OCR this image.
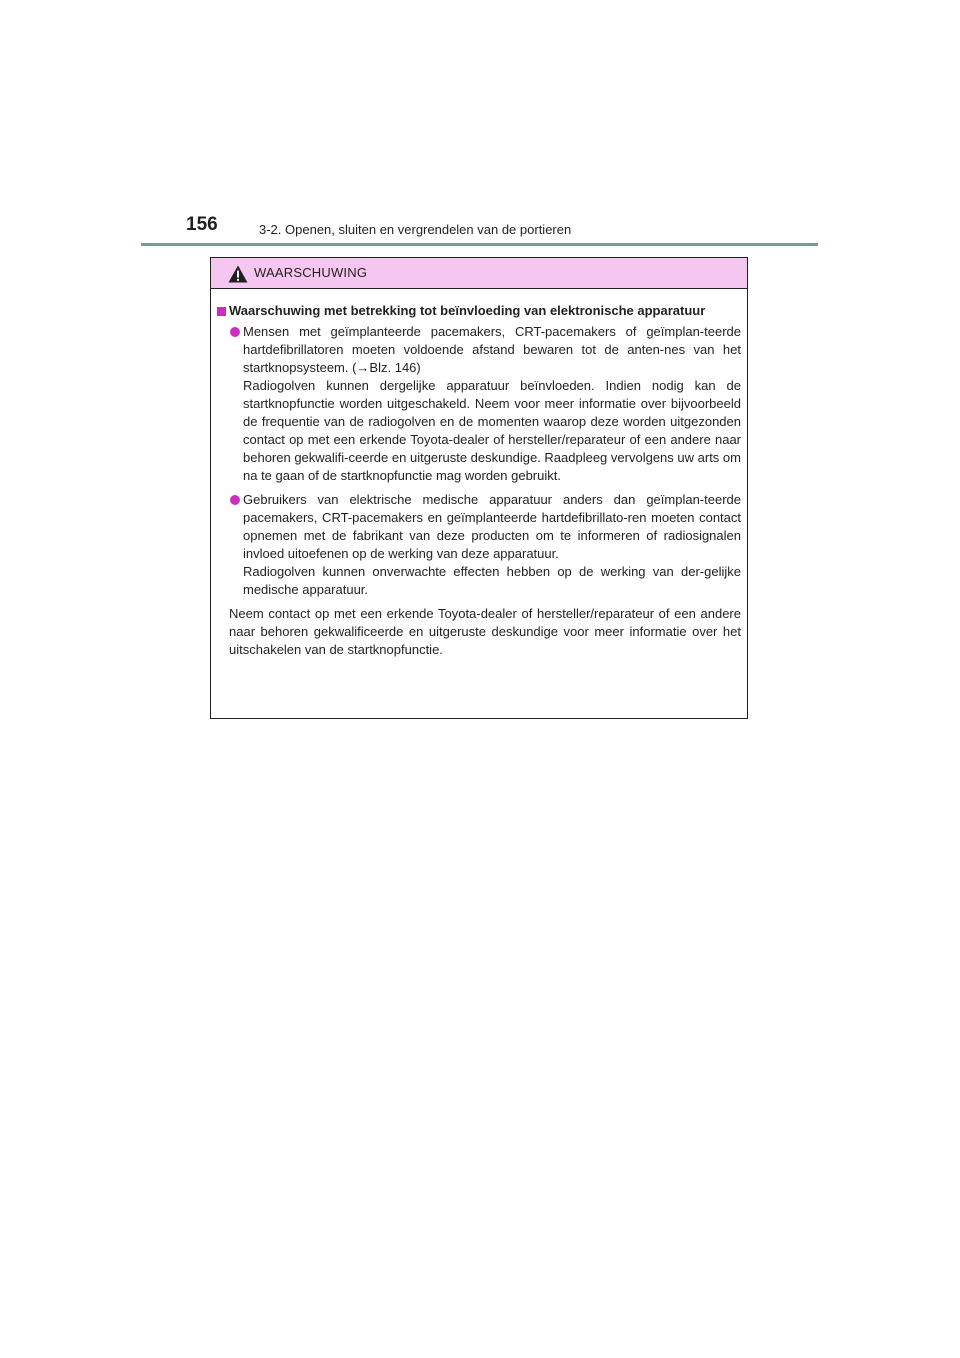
156	3-2. Openen, sluiten en vergrendelen van de portieren
WAARSCHUWING
Waarschuwing met betrekking tot beïnvloeding van elektronische apparatuur

Mensen met geïmplanteerde pacemakers, CRT-pacemakers of geïmplan-teerde hartdefibrillatoren moeten voldoende afstand bewaren tot de anten-nes van het startknopsysteem. (→Blz. 146)

Radiogolven kunnen dergelijke apparatuur beïnvloeden. Indien nodig kan de startknopfunctie worden uitgeschakeld. Neem voor meer informatie over bijvoorbeeld de frequentie van de radiogolven en de momenten waarop deze worden uitgezonden contact op met een erkende Toyota-dealer of hersteller/reparateur of een andere naar behoren gekwalifi-ceerde en uitgeruste deskundige. Raadpleeg vervolgens uw arts om na te gaan of de startknopfunctie mag worden gebruikt.

Gebruikers van elektrische medische apparatuur anders dan geïmplan-teerde pacemakers, CRT-pacemakers en geïmplanteerde hartdefibrillato-ren moeten contact opnemen met de fabrikant van deze producten om te informeren of radiosignalen invloed uitoefenen op de werking van deze apparatuur.

Radiogolven kunnen onverwachte effecten hebben op de werking van der-gelijke medische apparatuur.

Neem contact op met een erkende Toyota-dealer of hersteller/reparateur of een andere naar behoren gekwalificeerde en uitgeruste deskundige voor meer informatie over het uitschakelen van de startknopfunctie.
